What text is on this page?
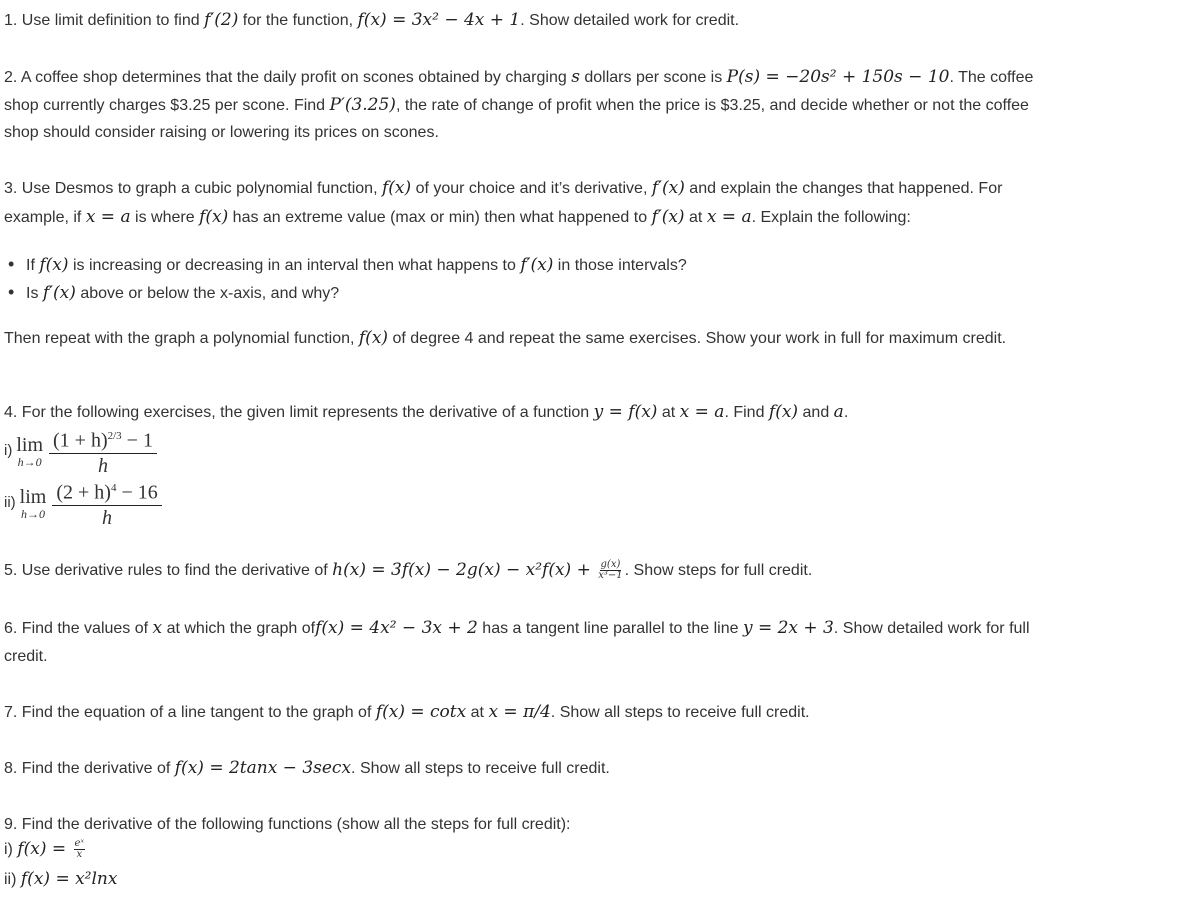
1. Use limit definition to find f′(2) for the function, f(x) = 3x² − 4x + 1. Show detailed work for credit.
2. A coffee shop determines that the daily profit on scones obtained by charging s dollars per scone is P(s) = −20s² + 150s − 10. The coffee
shop currently charges $3.25 per scone. Find P′(3.25), the rate of change of profit when the price is $3.25, and decide whether or not the coffee
shop should consider raising or lowering its prices on scones.
3. Use Desmos to graph a cubic polynomial function, f(x) of your choice and it’s derivative, f′(x) and explain the changes that happened. For
example, if x = a is where f(x) has an extreme value (max or min) then what happened to f′(x) at x = a. Explain the following:
• If f(x) is increasing or decreasing in an interval then what happens to f′(x) in those intervals?
• Is f′(x) above or below the x-axis, and why?
Then repeat with the graph a polynomial function, f(x) of degree 4 and repeat the same exercises. Show your work in full for maximum credit.
4. For the following exercises, the given limit represents the derivative of a function y = f(x) at x = a. Find f(x) and a.
i) lim
$h\to 0 \frac{(1 + h)^{2/3} - 1}{h}$
ii) lim
$h\to 0 \frac{(2 + h)^4 - 16}{h}$
5. Use derivative rules to find the derivative of $h(x) = 3f(x) - 2g(x) - x^2f(x) + \frac{g(x)}{\text{x³−1}}$ . Show steps for full credit.
6. Find the values of x at which the graph off(x) = 4x² − 3x + 2 has a tangent line parallel to the line y = 2x + 3. Show detailed work for full
credit.
7. Find the equation of a line tangent to the graph of f(x) = cotx at x = π/4. Show all steps to receive full credit.
8. Find the derivative of f(x) = 2tanx − 3secx. Show all steps to receive full credit.
9. Find the derivative of the following functions (show all the steps for full credit):
i) $f(x) = \frac{\text{eˣ}}{x}$
ii) f(x) = x²lnx
